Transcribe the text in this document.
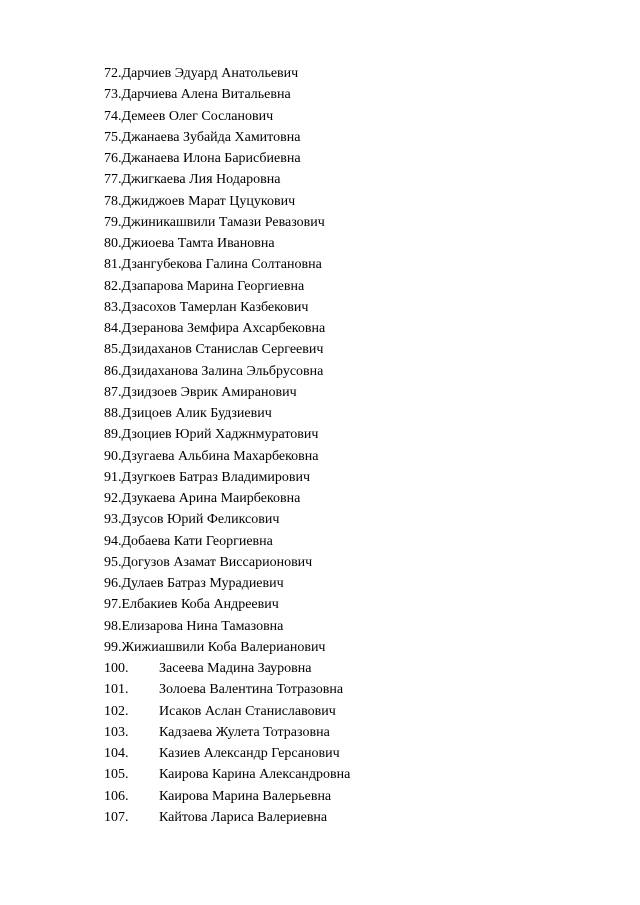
72. Дарчиев Эдуард Анатольевич
73. Дарчиева Алена Витальевна
74. Демеев Олег Сосланович
75. Джанаева Зубайда Хамитовна
76. Джанаева Илона Барисбиевна
77. Джигкаева Лия Нодаровна
78. Джиджоев Марат Цуцукович
79. Джиникашвили Тамази Ревазович
80. Джиоева Тамта Ивановна
81. Дзангубекова Галина Солтановна
82. Дзапарова Марина Георгиевна
83. Дзасохов Тамерлан Казбекович
84. Дзеранова Земфира Ахсарбековна
85. Дзидаханов Станислав Сергеевич
86. Дзидаханова Залина Эльбрусовна
87. Дзидзоев Эврик Амиранович
88. Дзицоев Алик Будзиевич
89. Дзоциев Юрий Хаджнмуратович
90. Дзугаева Альбина Махарбековна
91. Дзугкоев Батраз Владимирович
92. Дзукаева Арина Маирбековна
93. Дзусов Юрий Феликсович
94. Добаева Кати Георгиевна
95. Догузов Азамат Виссарионович
96. Дулаев Батраз Мурадиевич
97. Елбакиев Коба Андреевич
98. Елизарова Нина Тамазовна
99. Жижиашвили Коба Валерианович
100.	Засеева Мадина Зауровна
101.	Золоева Валентина Тотразовна
102.	Исаков Аслан Станиславович
103.	Кадзаева Жулета Тотразовна
104.	Казиев Александр Герсанович
105.	Каирова Карина Александровна
106.	Каирова Марина Валерьевна
107.	Кайтова Лариса Валериевна
